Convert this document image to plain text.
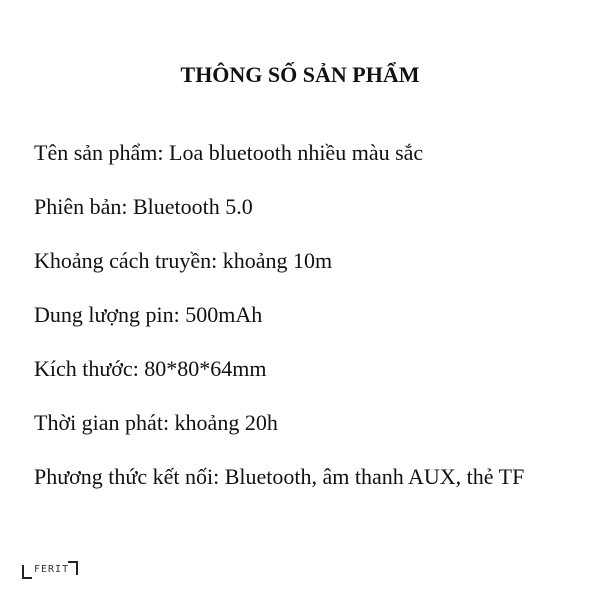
THÔNG SỐ SẢN PHẨM
Tên sản phẩm: Loa bluetooth nhiều màu sắc
Phiên bản: Bluetooth 5.0
Khoảng cách truyền: khoảng 10m
Dung lượng pin: 500mAh
Kích thước: 80*80*64mm
Thời gian phát: khoảng 20h
Phương thức kết nối: Bluetooth, âm thanh AUX, thẻ TF
FERIT
